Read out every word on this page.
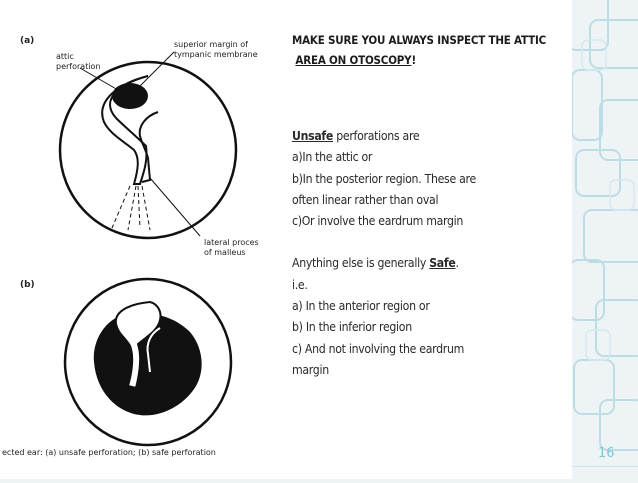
(a)
(b)
attic
perforation
superior margin of
tympanic membrane
lateral proces
of malleus
ected ear: (a) unsafe perforation; (b) safe perforation
MAKE SURE YOU ALWAYS INSPECT THE ATTIC
AREA ON OTOSCOPY!
Unsafe perforations are
a)In the attic or
b)In the posterior region. These are
often linear rather than oval
c)Or involve the eardrum margin
Anything else is generally Safe.
i.e.
a) In the anterior region or
b) In the inferior region
c) And not involving the eardrum
margin
16
